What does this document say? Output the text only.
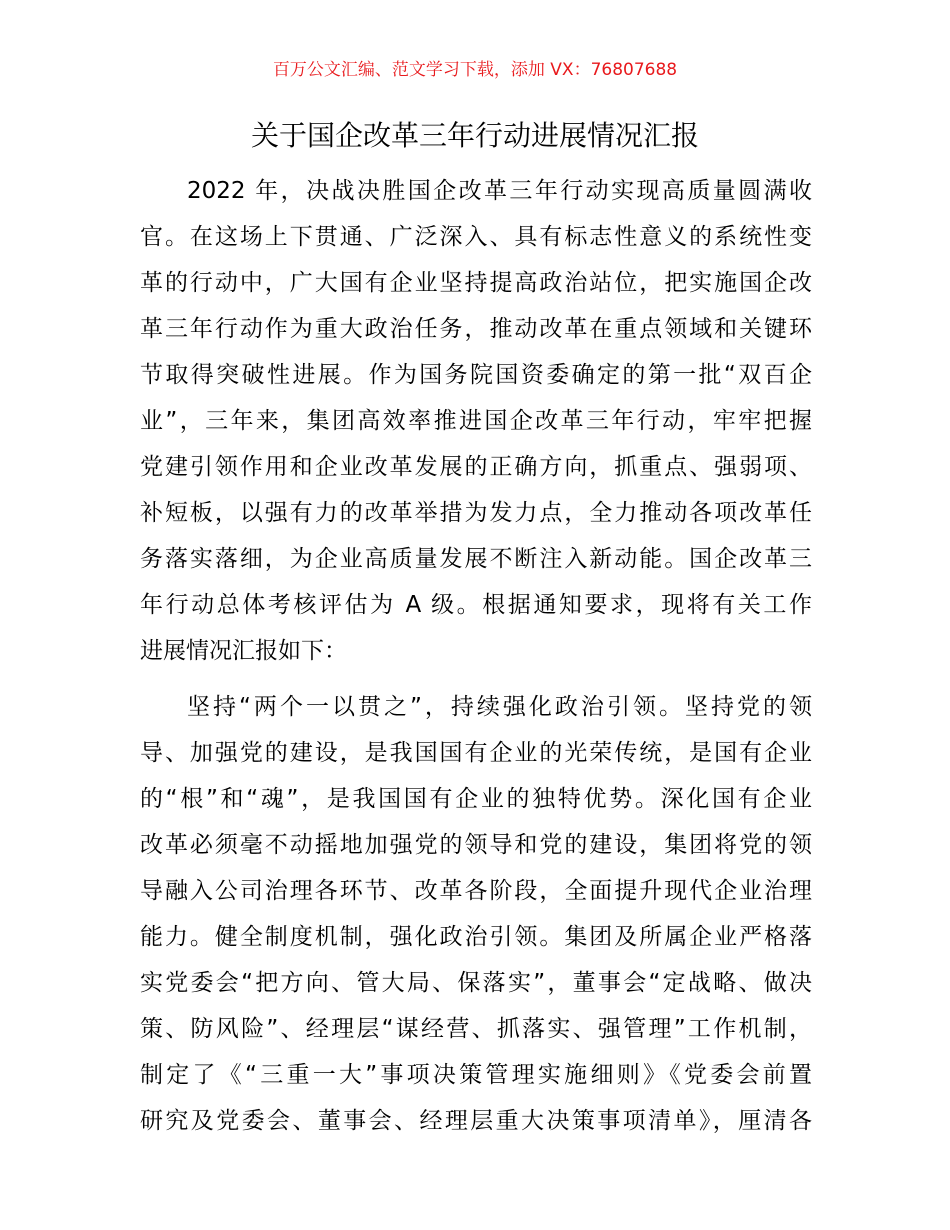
百万公文汇编、范文学习下载，添加 VX：76807688
关于国企改革三年行动进展情况汇报

2022 年，决战决胜国企改革三年行动实现高质量圆满收
官。在这场上下贯通、广泛深入、具有标志性意义的系统性变
革的行动中，广大国有企业坚持提高政治站位，把实施国企改
革三年行动作为重大政治任务，推动改革在重点领域和关键环
节取得突破性进展。作为国务院国资委确定的第一批“双百企
业”，三年来，集团高效率推进国企改革三年行动，牢牢把握
党建引领作用和企业改革发展的正确方向，抓重点、强弱项、
补短板，以强有力的改革举措为发力点，全力推动各项改革任
务落实落细，为企业高质量发展不断注入新动能。国企改革三
年行动总体考核评估为 A 级。根据通知要求，现将有关工作
进展情况汇报如下：

坚持“两个一以贯之”，持续强化政治引领。坚持党的领
导、加强党的建设，是我国国有企业的光荣传统，是国有企业
的“根”和“魂”，是我国国有企业的独特优势。深化国有企业
改革必须毫不动摇地加强党的领导和党的建设，集团将党的领
导融入公司治理各环节、改革各阶段，全面提升现代企业治理
能力。健全制度机制，强化政治引领。集团及所属企业严格落
实党委会“把方向、管大局、保落实”，董事会“定战略、做决
策、防风险”、经理层“谋经营、抓落实、强管理”工作机制，
制定了《“三重一大”事项决策管理实施细则》《党委会前置
研究及党委会、董事会、经理层重大决策事项清单》，厘清各
